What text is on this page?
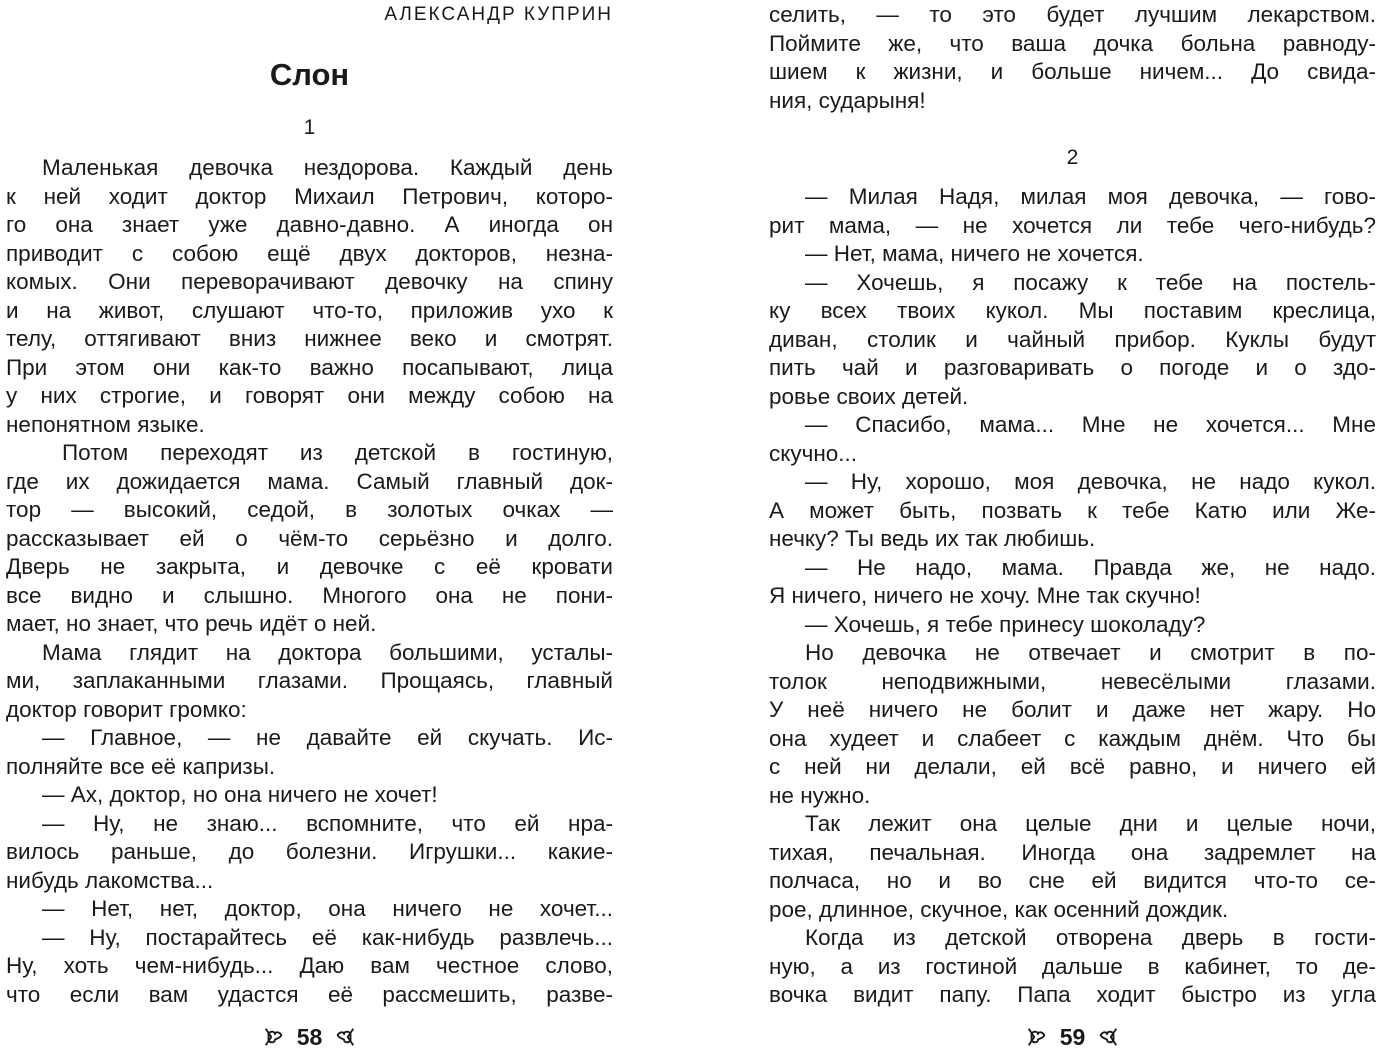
АЛЕКСАНДР КУПРИН
Слон
1
Маленькая девочка нездорова. Каждый день
к ней ходит доктор Михаил Петрович, которо-
го она знает уже давно-давно. А иногда он
приводит с собою ещё двух докторов, незна-
комых. Они переворачивают девочку на спину
и на живот, слушают что-то, приложив ухо к
телу, оттягивают вниз нижнее веко и смотрят.
При этом они как-то важно посапывают, лица
у них строгие, и говорят они между собою на
непонятном языке.
Потом переходят из детской в гостиную,
где их дожидается мама. Самый главный док-
тор — высокий, седой, в золотых очках —
рассказывает ей о чём-то серьёзно и долго.
Дверь не закрыта, и девочке с её кровати
все видно и слышно. Многого она не пони-
мает, но знает, что речь идёт о ней.
Мама глядит на доктора большими, усталы-
ми, заплаканными глазами. Прощаясь, главный
доктор говорит громко:
— Главное, — не давайте ей скучать. Ис-
полняйте все её капризы.
— Ах, доктор, но она ничего не хочет!
— Ну, не знаю... вспомните, что ей нра-
вилось раньше, до болезни. Игрушки... какие-
нибудь лакомства...
— Нет, нет, доктор, она ничего не хочет...
— Ну, постарайтесь её как-нибудь развлечь...
Ну, хоть чем-нибудь... Даю вам честное слово,
что если вам удастся её рассмешить, разве-
58
селить, — то это будет лучшим лекарством.
Поймите же, что ваша дочка больна равноду-
шием к жизни, и больше ничем... До свида-
ния, сударыня!
2
— Милая Надя, милая моя девочка, — гово-
рит мама, — не хочется ли тебе чего-нибудь?
— Нет, мама, ничего не хочется.
— Хочешь, я посажу к тебе на постель-
ку всех твоих кукол. Мы поставим креслица,
диван, столик и чайный прибор. Куклы будут
пить чай и разговаривать о погоде и о здо-
ровье своих детей.
— Спасибо, мама... Мне не хочется... Мне
скучно...
— Ну, хорошо, моя девочка, не надо кукол.
А может быть, позвать к тебе Катю или Же-
нечку? Ты ведь их так любишь.
— Не надо, мама. Правда же, не надо.
Я ничего, ничего не хочу. Мне так скучно!
— Хочешь, я тебе принесу шоколаду?
Но девочка не отвечает и смотрит в по-
толок неподвижными, невесёлыми глазами.
У неё ничего не болит и даже нет жару. Но
она худеет и слабеет с каждым днём. Что бы
с ней ни делали, ей всё равно, и ничего ей
не нужно.
Так лежит она целые дни и целые ночи,
тихая, печальная. Иногда она задремлет на
полчаса, но и во сне ей видится что-то се-
рое, длинное, скучное, как осенний дождик.
Когда из детской отворена дверь в гости-
ную, а из гостиной дальше в кабинет, то де-
вочка видит папу. Папа ходит быстро из угла
59
